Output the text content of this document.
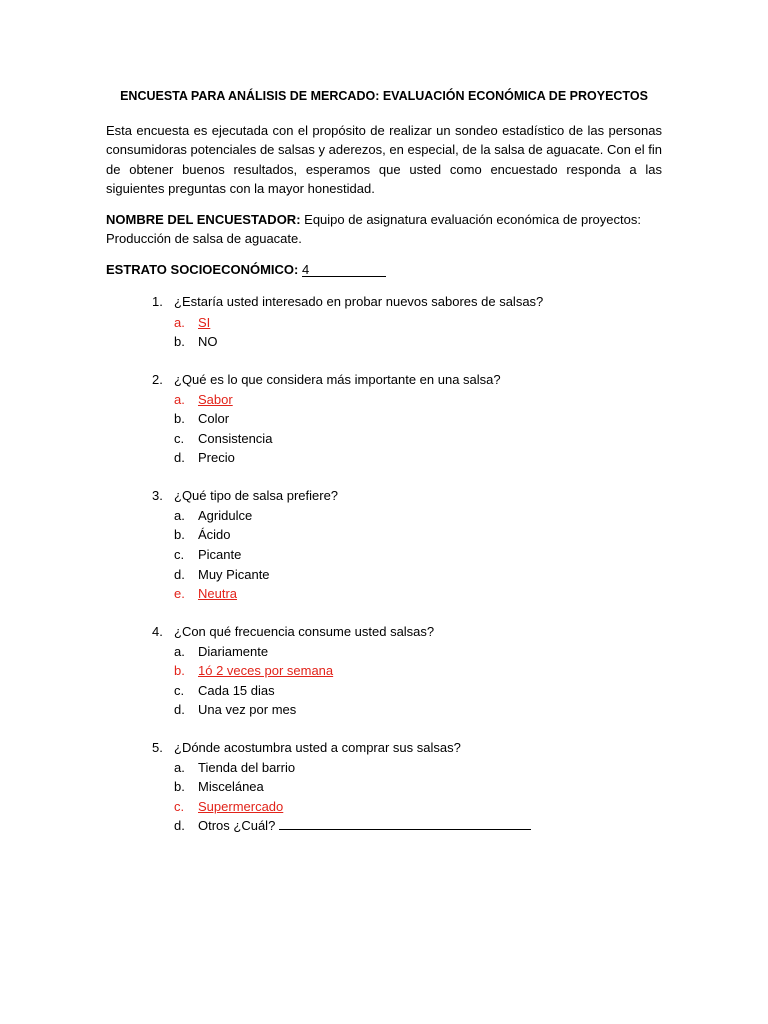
ENCUESTA PARA ANÁLISIS DE MERCADO: EVALUACIÓN ECONÓMICA DE PROYECTOS
Esta encuesta es ejecutada con el propósito de realizar un sondeo estadístico de las personas consumidoras potenciales de salsas y aderezos, en especial, de la salsa de aguacate. Con el fin de obtener buenos resultados, esperamos que usted como encuestado responda a las siguientes preguntas con la mayor honestidad.
NOMBRE DEL ENCUESTADOR: Equipo de asignatura evaluación económica de proyectos: Producción de salsa de aguacate.
ESTRATO SOCIOECONÓMICO: 4
1. ¿Estaría usted interesado en probar nuevos sabores de salsas?
a. SI
b. NO
2. ¿Qué es lo que considera más importante en una salsa?
a. Sabor
b. Color
c. Consistencia
d. Precio
3. ¿Qué tipo de salsa prefiere?
a. Agridulce
b. Ácido
c. Picante
d. Muy Picante
e. Neutra
4. ¿Con qué frecuencia consume usted salsas?
a. Diariamente
b. 1ó 2 veces por semana
c. Cada 15 dias
d. Una vez por mes
5. ¿Dónde acostumbra usted a comprar sus salsas?
a. Tienda del barrio
b. Miscelánea
c. Supermercado
d. Otros ¿Cuál?
